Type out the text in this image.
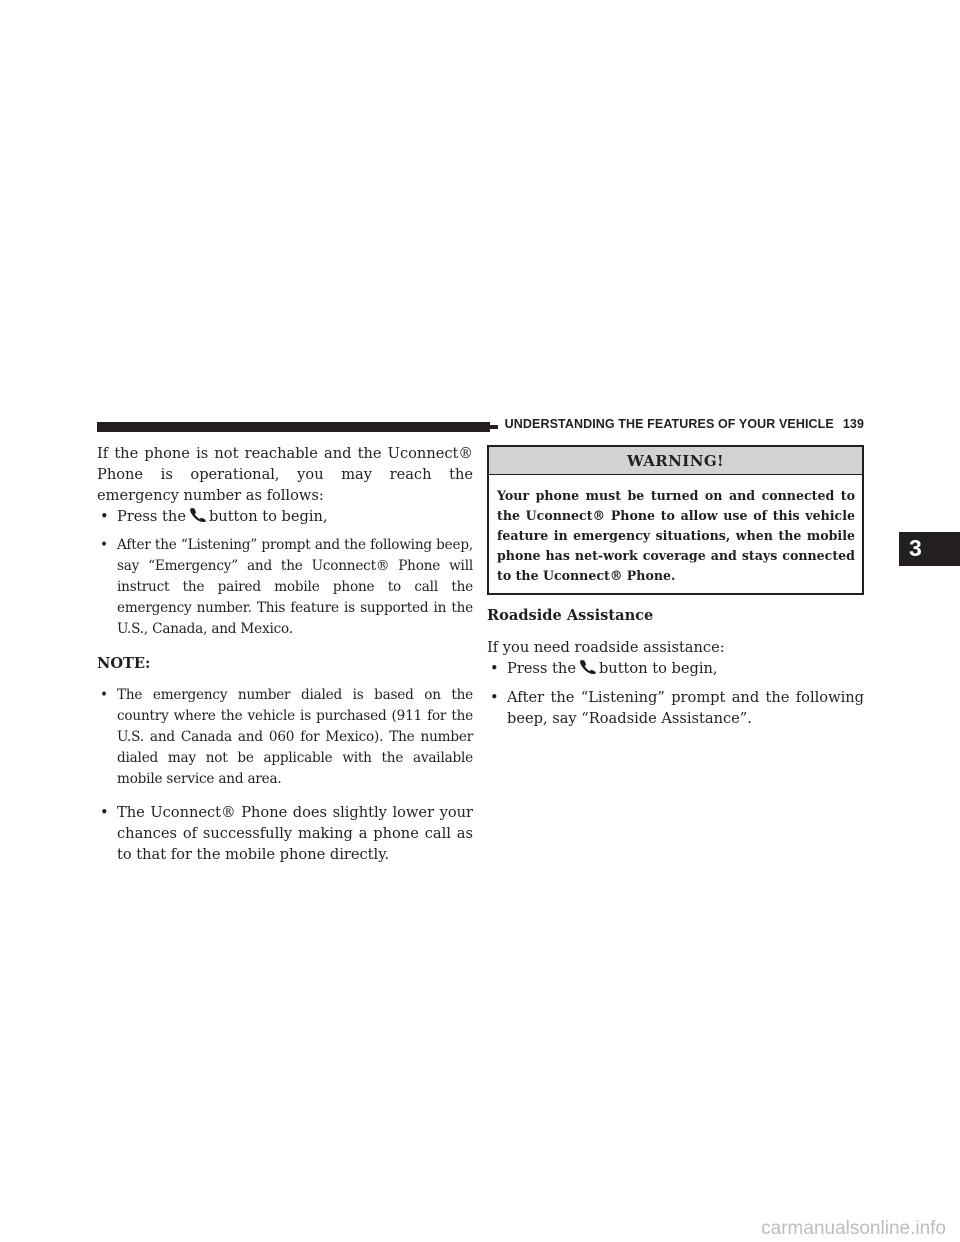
UNDERSTANDING THE FEATURES OF YOUR VEHICLE 139

If the phone is not reachable and the Uconnect® Phone is operational, you may reach the emergency number as follows:

• Press the button to begin,
• After the “Listening” prompt and the following beep, say “Emergency” and the Uconnect® Phone will instruct the paired mobile phone to call the emergency number. This feature is supported in the U.S., Canada, and Mexico.

NOTE:

• The emergency number dialed is based on the country where the vehicle is purchased (911 for the U.S. and Canada and 060 for Mexico). The number dialed may not be applicable with the available mobile service and area.
• The Uconnect® Phone does slightly lower your chances of successfully making a phone call as to that for the mobile phone directly.
WARNING!
Your phone must be turned on and connected to the Uconnect® Phone to allow use of this vehicle feature in emergency situations, when the mobile phone has net-work coverage and stays connected to the Uconnect® Phone.

Roadside Assistance

If you need roadside assistance:

• Press the button to begin,
• After the “Listening” prompt and the following beep, say “Roadside Assistance”.
3
carmanualsonline.info
